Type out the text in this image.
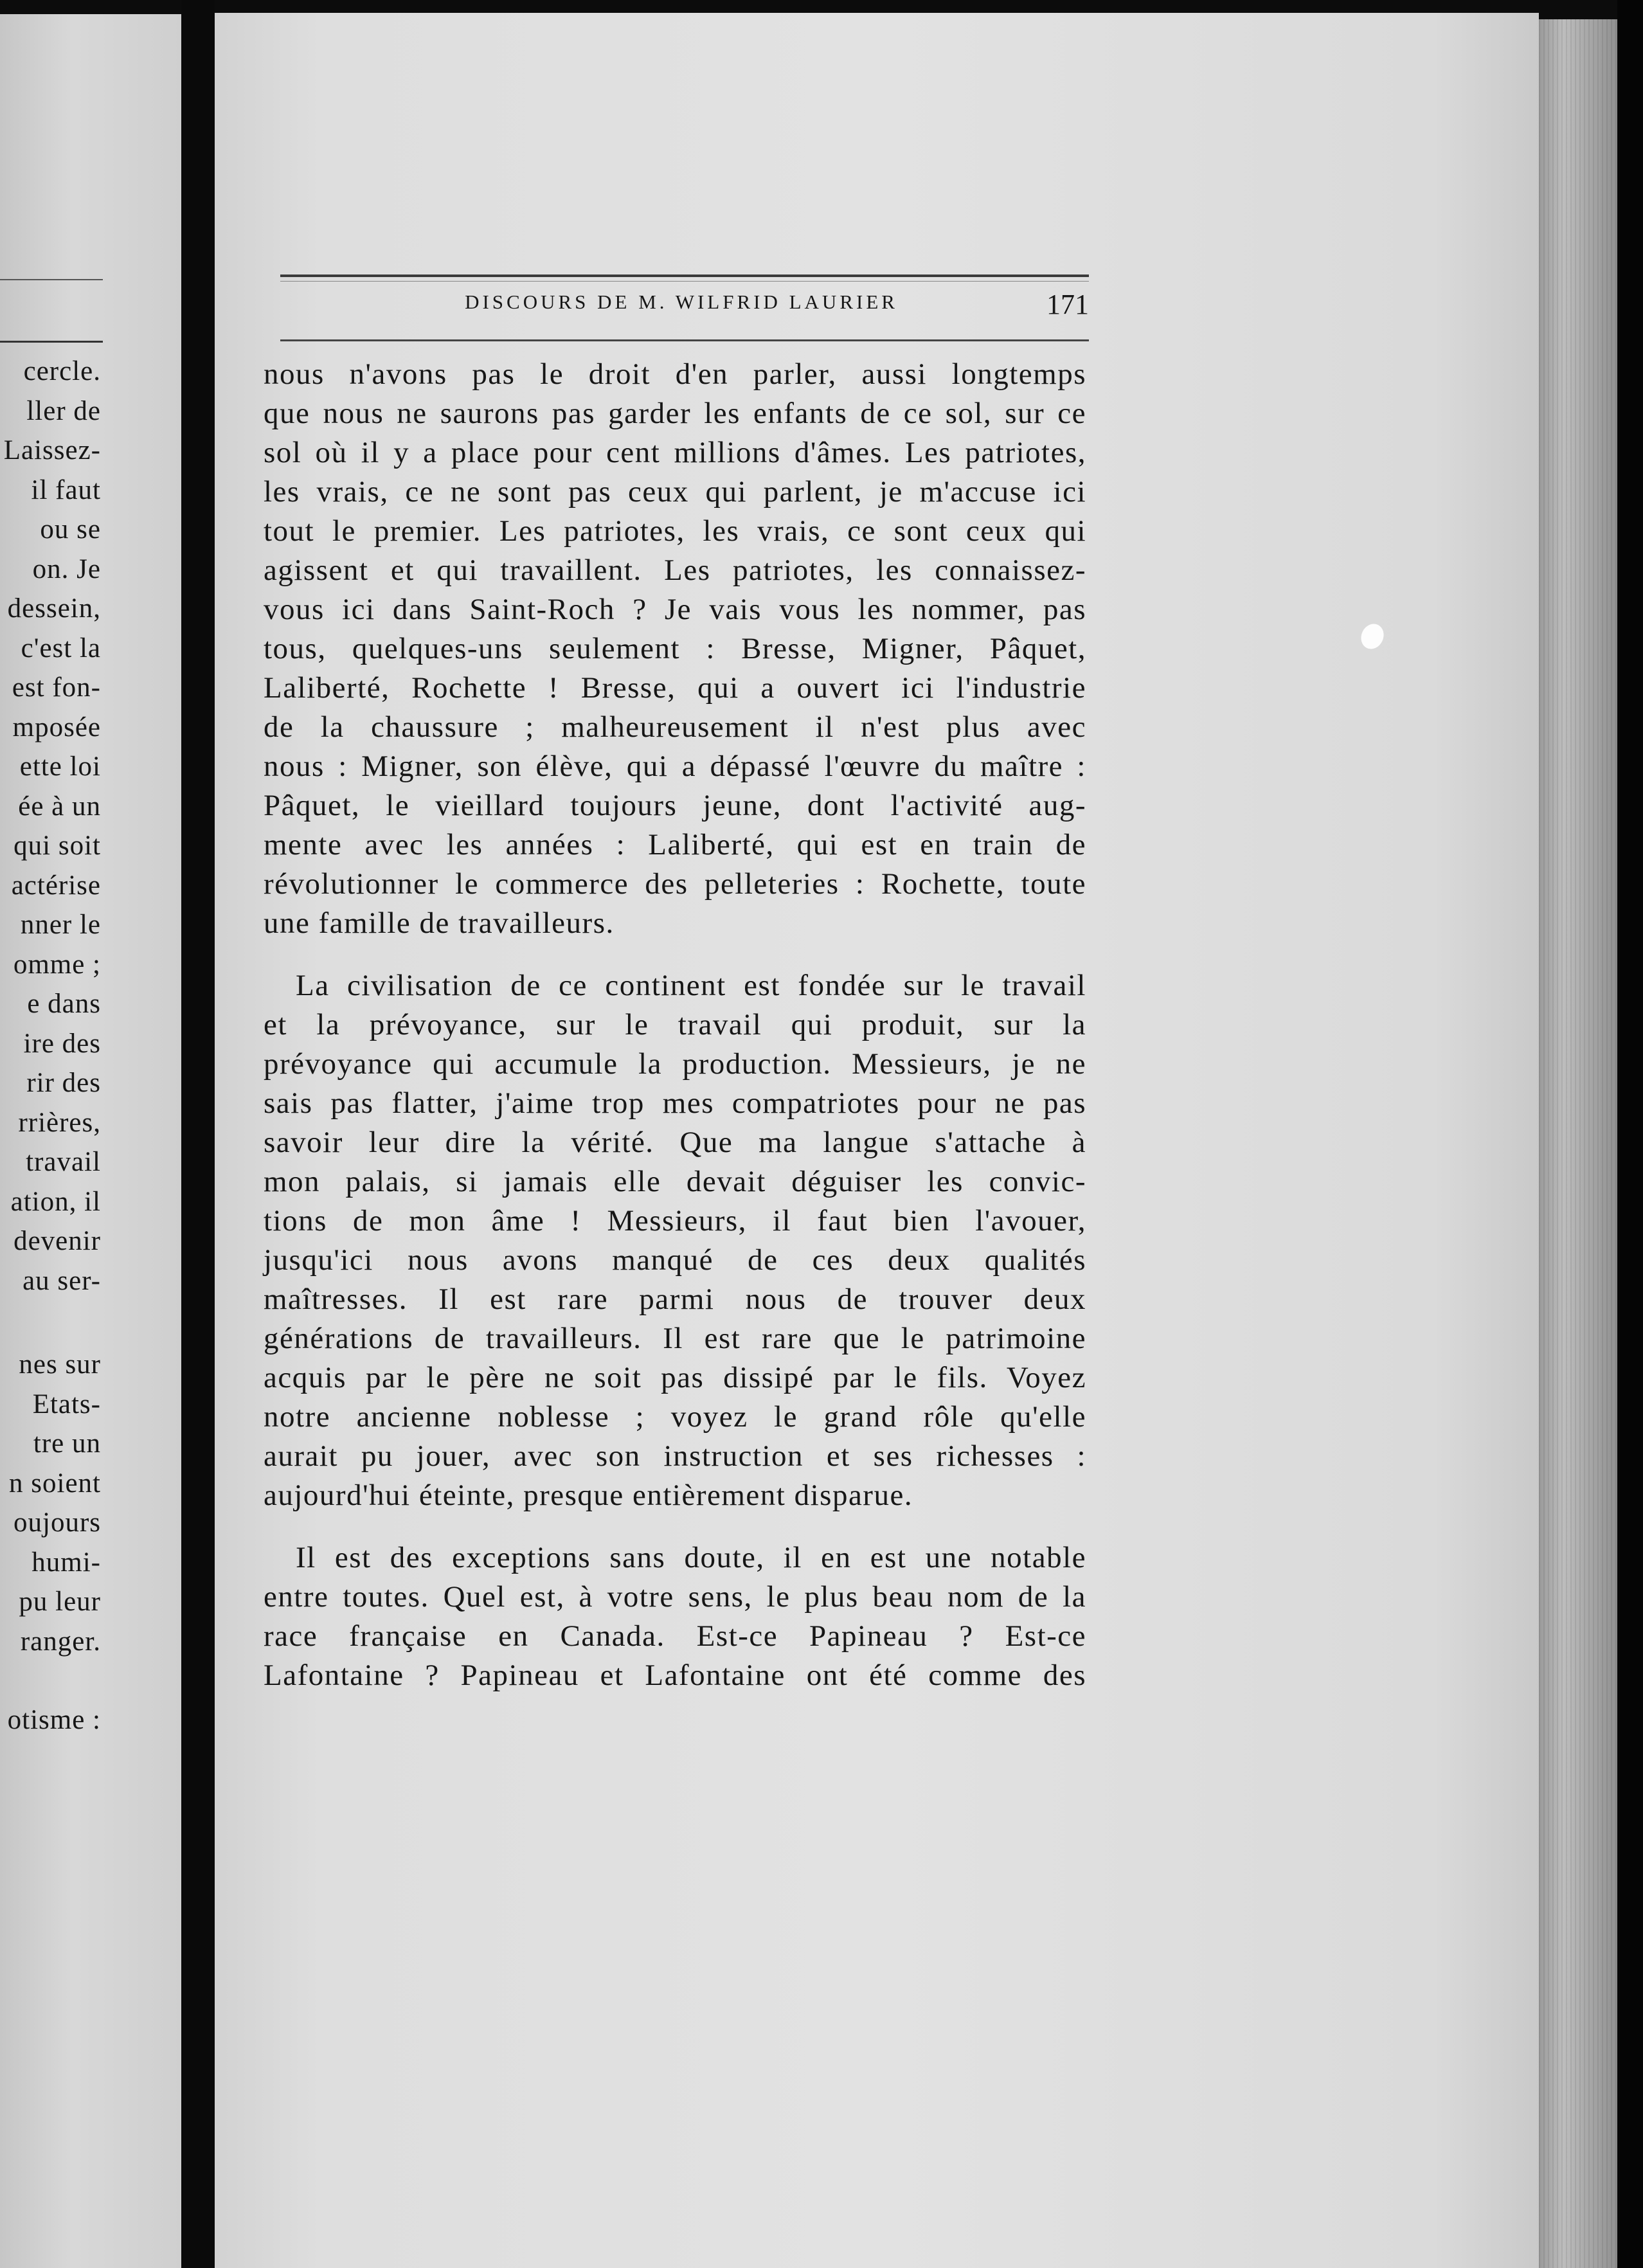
cercle.
ller de
Laissez-
il faut
ou se
on. Je
dessein,
c'est la
est fon-
mposée
ette loi
ée à un
qui soit
actérise
nner le
omme ;
e dans
ire des
rir des
rrières,
travail
ation, il
devenir
au ser-
nes sur
Etats-
tre un
n soient
oujours
humi-
pu leur
ranger.
otisme :
DISCOURS DE M. WILFRID LAURIER	171

nous n'avons pas le droit d'en parler, aussi longtemps
que nous ne saurons pas garder les enfants de ce sol, sur ce
sol où il y a place pour cent millions d'âmes. Les patriotes,
les vrais, ce ne sont pas ceux qui parlent, je m'accuse ici
tout le premier. Les patriotes, les vrais, ce sont ceux qui
agissent et qui travaillent. Les patriotes, les connaissez-
vous ici dans Saint-Roch ? Je vais vous les nommer, pas
tous, quelques-uns seulement : Bresse, Migner, Pâquet,
Laliberté, Rochette ! Bresse, qui a ouvert ici l'industrie
de la chaussure ; malheureusement il n'est plus avec
nous : Migner, son élève, qui a dépassé l'œuvre du maître :
Pâquet, le vieillard toujours jeune, dont l'activité aug-
mente avec les années : Laliberté, qui est en train de
révolutionner le commerce des pelleteries : Rochette, toute
une famille de travailleurs.

La civilisation de ce continent est fondée sur le travail
et la prévoyance, sur le travail qui produit, sur la
prévoyance qui accumule la production. Messieurs, je ne
sais pas flatter, j'aime trop mes compatriotes pour ne pas
savoir leur dire la vérité. Que ma langue s'attache à
mon palais, si jamais elle devait déguiser les convic-
tions de mon âme ! Messieurs, il faut bien l'avouer,
jusqu'ici nous avons manqué de ces deux qualités
maîtresses. Il est rare parmi nous de trouver deux
générations de travailleurs. Il est rare que le patrimoine
acquis par le père ne soit pas dissipé par le fils. Voyez
notre ancienne noblesse ; voyez le grand rôle qu'elle
aurait pu jouer, avec son instruction et ses richesses :
aujourd'hui éteinte, presque entièrement disparue.

Il est des exceptions sans doute, il en est une notable
entre toutes. Quel est, à votre sens, le plus beau nom de la
race française en Canada. Est-ce Papineau ? Est-ce
Lafontaine ? Papineau et Lafontaine ont été comme des
